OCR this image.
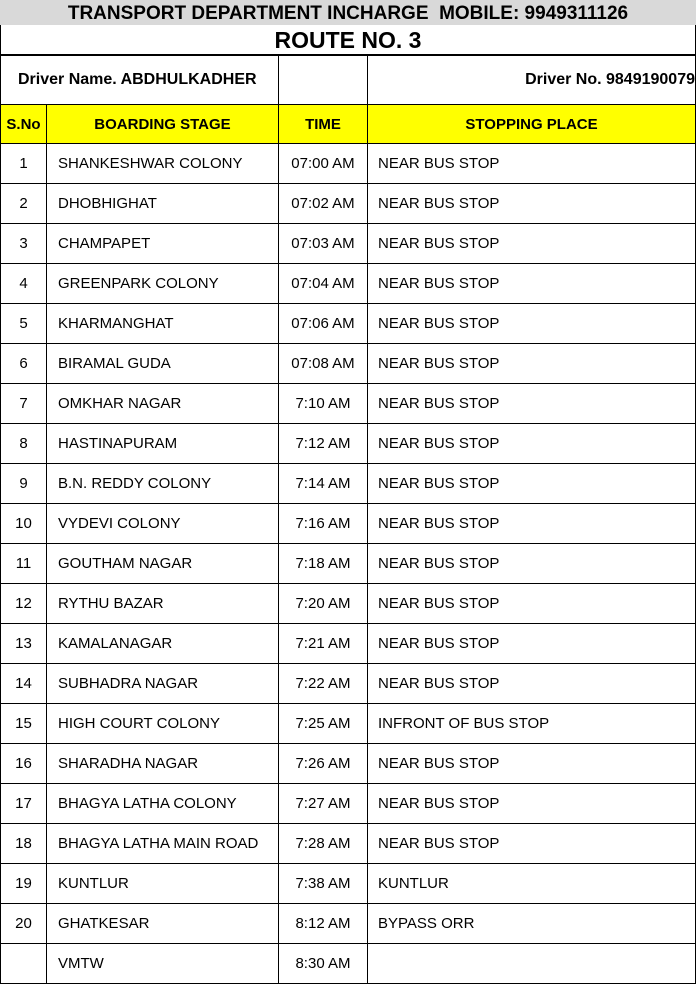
TRANSPORT DEPARTMENT INCHARGE  MOBILE: 9949311126
ROUTE NO. 3
Driver Name. ABDHULKADHER			Driver No. 9849190079
S.No	BOARDING STAGE	TIME	STOPPING PLACE
1	SHANKESHWAR COLONY	07:00 AM	NEAR BUS STOP
2	DHOBHIGHAT	07:02 AM	NEAR BUS STOP
3	CHAMPAPET	07:03 AM	NEAR BUS STOP
4	GREENPARK COLONY	07:04 AM	NEAR BUS STOP
5	KHARMANGHAT	07:06 AM	NEAR BUS STOP
6	BIRAMAL GUDA	07:08 AM	NEAR BUS STOP
7	OMKHAR NAGAR	7:10 AM	NEAR BUS STOP
8	HASTINAPURAM	7:12 AM	NEAR BUS STOP
9	B.N. REDDY COLONY	7:14 AM	NEAR BUS STOP
10	VYDEVI COLONY	7:16 AM	NEAR BUS STOP
11	GOUTHAM NAGAR	7:18 AM	NEAR BUS STOP
12	RYTHU BAZAR	7:20 AM	NEAR BUS STOP
13	KAMALANAGAR	7:21 AM	NEAR BUS STOP
14	SUBHADRA NAGAR	7:22 AM	NEAR BUS STOP
15	HIGH COURT COLONY	7:25 AM	INFRONT OF BUS STOP
16	SHARADHA NAGAR	7:26 AM	NEAR BUS STOP
17	BHAGYA LATHA COLONY	7:27 AM	NEAR BUS STOP
18	BHAGYA LATHA MAIN ROAD	7:28 AM	NEAR BUS STOP
19	KUNTLUR	7:38 AM	KUNTLUR
20	GHATKESAR	8:12 AM	BYPASS ORR
	VMTW	8:30 AM	
